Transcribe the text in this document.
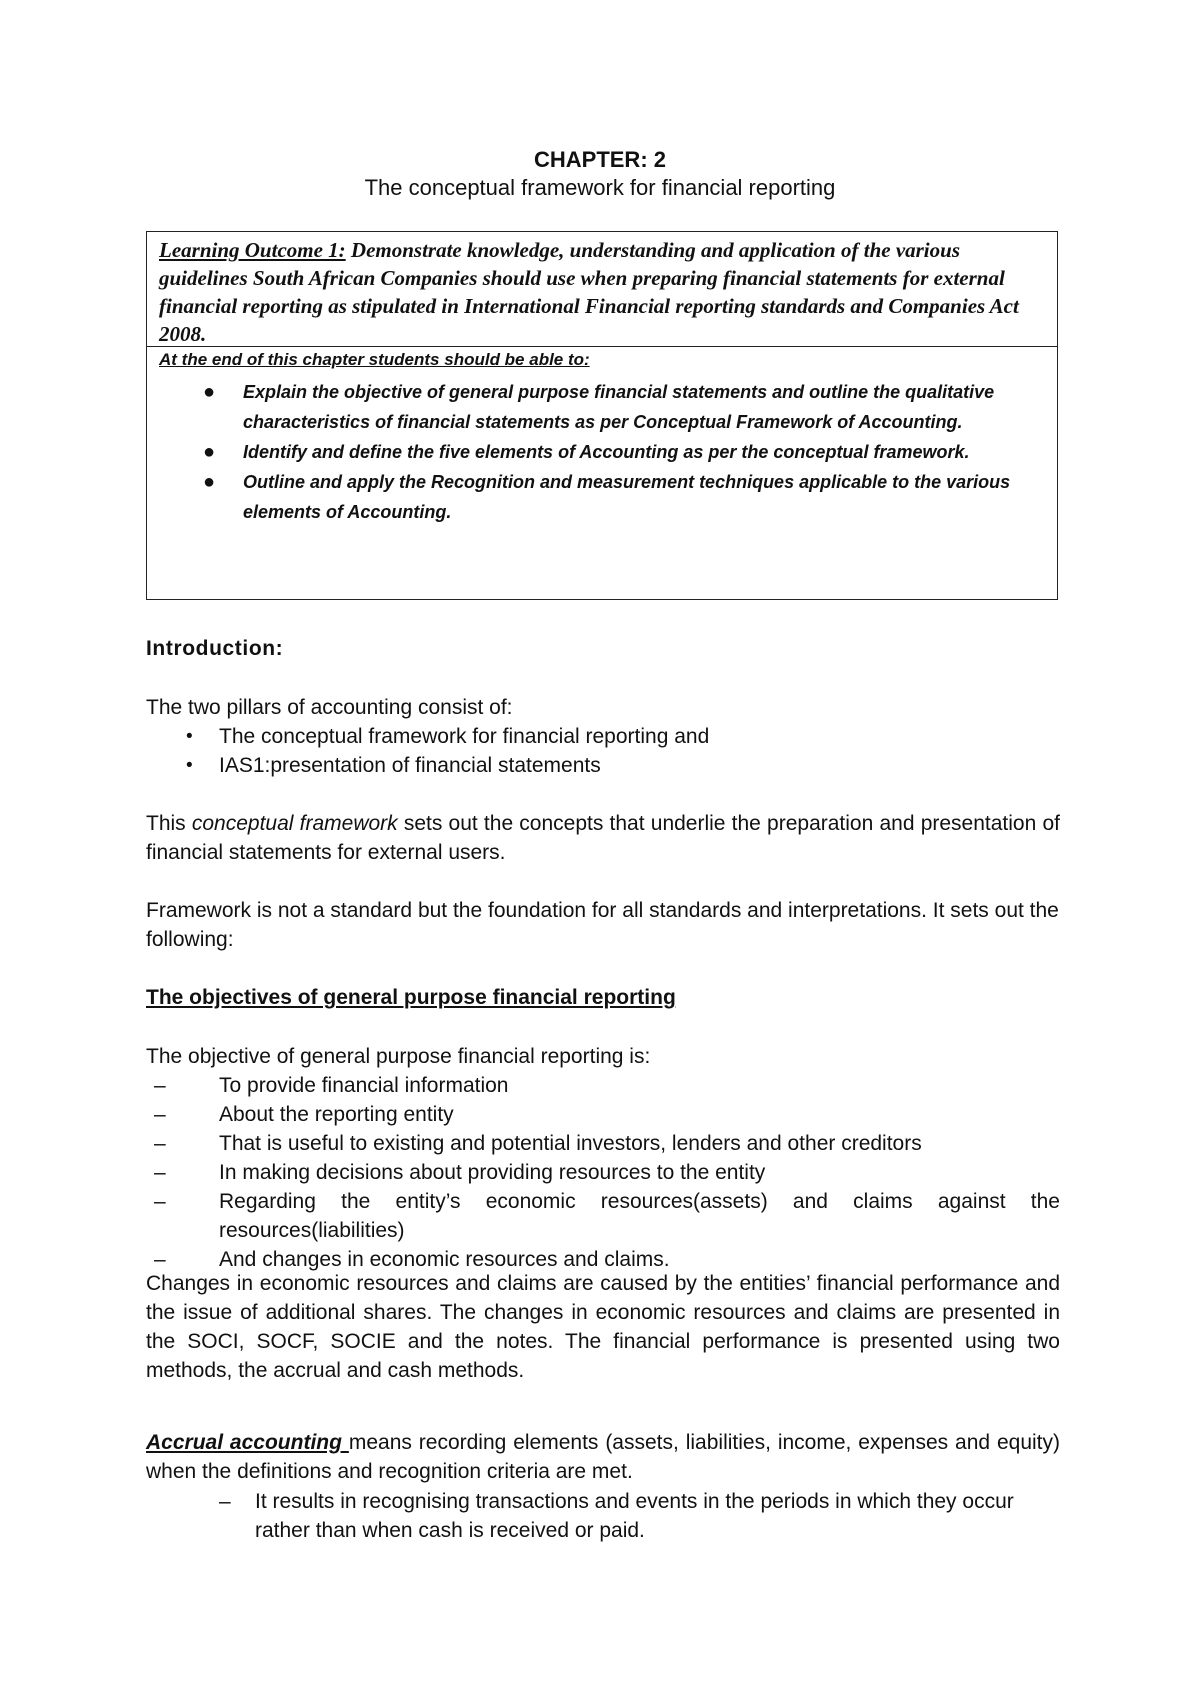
CHAPTER: 2
The conceptual framework for financial reporting
Learning Outcome 1: Demonstrate knowledge, understanding and application of the various guidelines South African Companies should use when preparing financial statements for external financial reporting as stipulated in International Financial reporting standards and Companies Act 2008.
At the end of this chapter students should be able to:
● Explain the objective of general purpose financial statements and outline the qualitative characteristics of financial statements as per Conceptual Framework of Accounting.
● Identify and define the five elements of Accounting as per the conceptual framework.
● Outline and apply the Recognition and measurement techniques applicable to the various elements of Accounting.
Introduction:
The two pillars of accounting consist of:
• The conceptual framework for financial reporting and
• IAS1:presentation of financial statements
This conceptual framework sets out the concepts that underlie the preparation and presentation of financial statements for external users.
Framework is not a standard but the foundation for all standards and interpretations. It sets out the following:
The objectives of general purpose financial reporting
The objective of general purpose financial reporting is:
–	To provide financial information
–	About the reporting entity
–	That is useful to existing and potential investors, lenders and other creditors
–	In making decisions about providing resources to the entity
–	Regarding the entity’s economic resources(assets) and claims against the resources(liabilities)
–	And changes in economic resources and claims.
Changes in economic resources and claims are caused by the entities’ financial performance and the issue of additional shares. The changes in economic resources and claims are presented in the SOCI, SOCF, SOCIE and the notes. The financial performance is presented using two methods, the accrual and cash methods.
Accrual accounting means recording elements (assets, liabilities, income, expenses and equity) when the definitions and recognition criteria are met.
– It results in recognising transactions and events in the periods in which they occur rather than when cash is received or paid.
